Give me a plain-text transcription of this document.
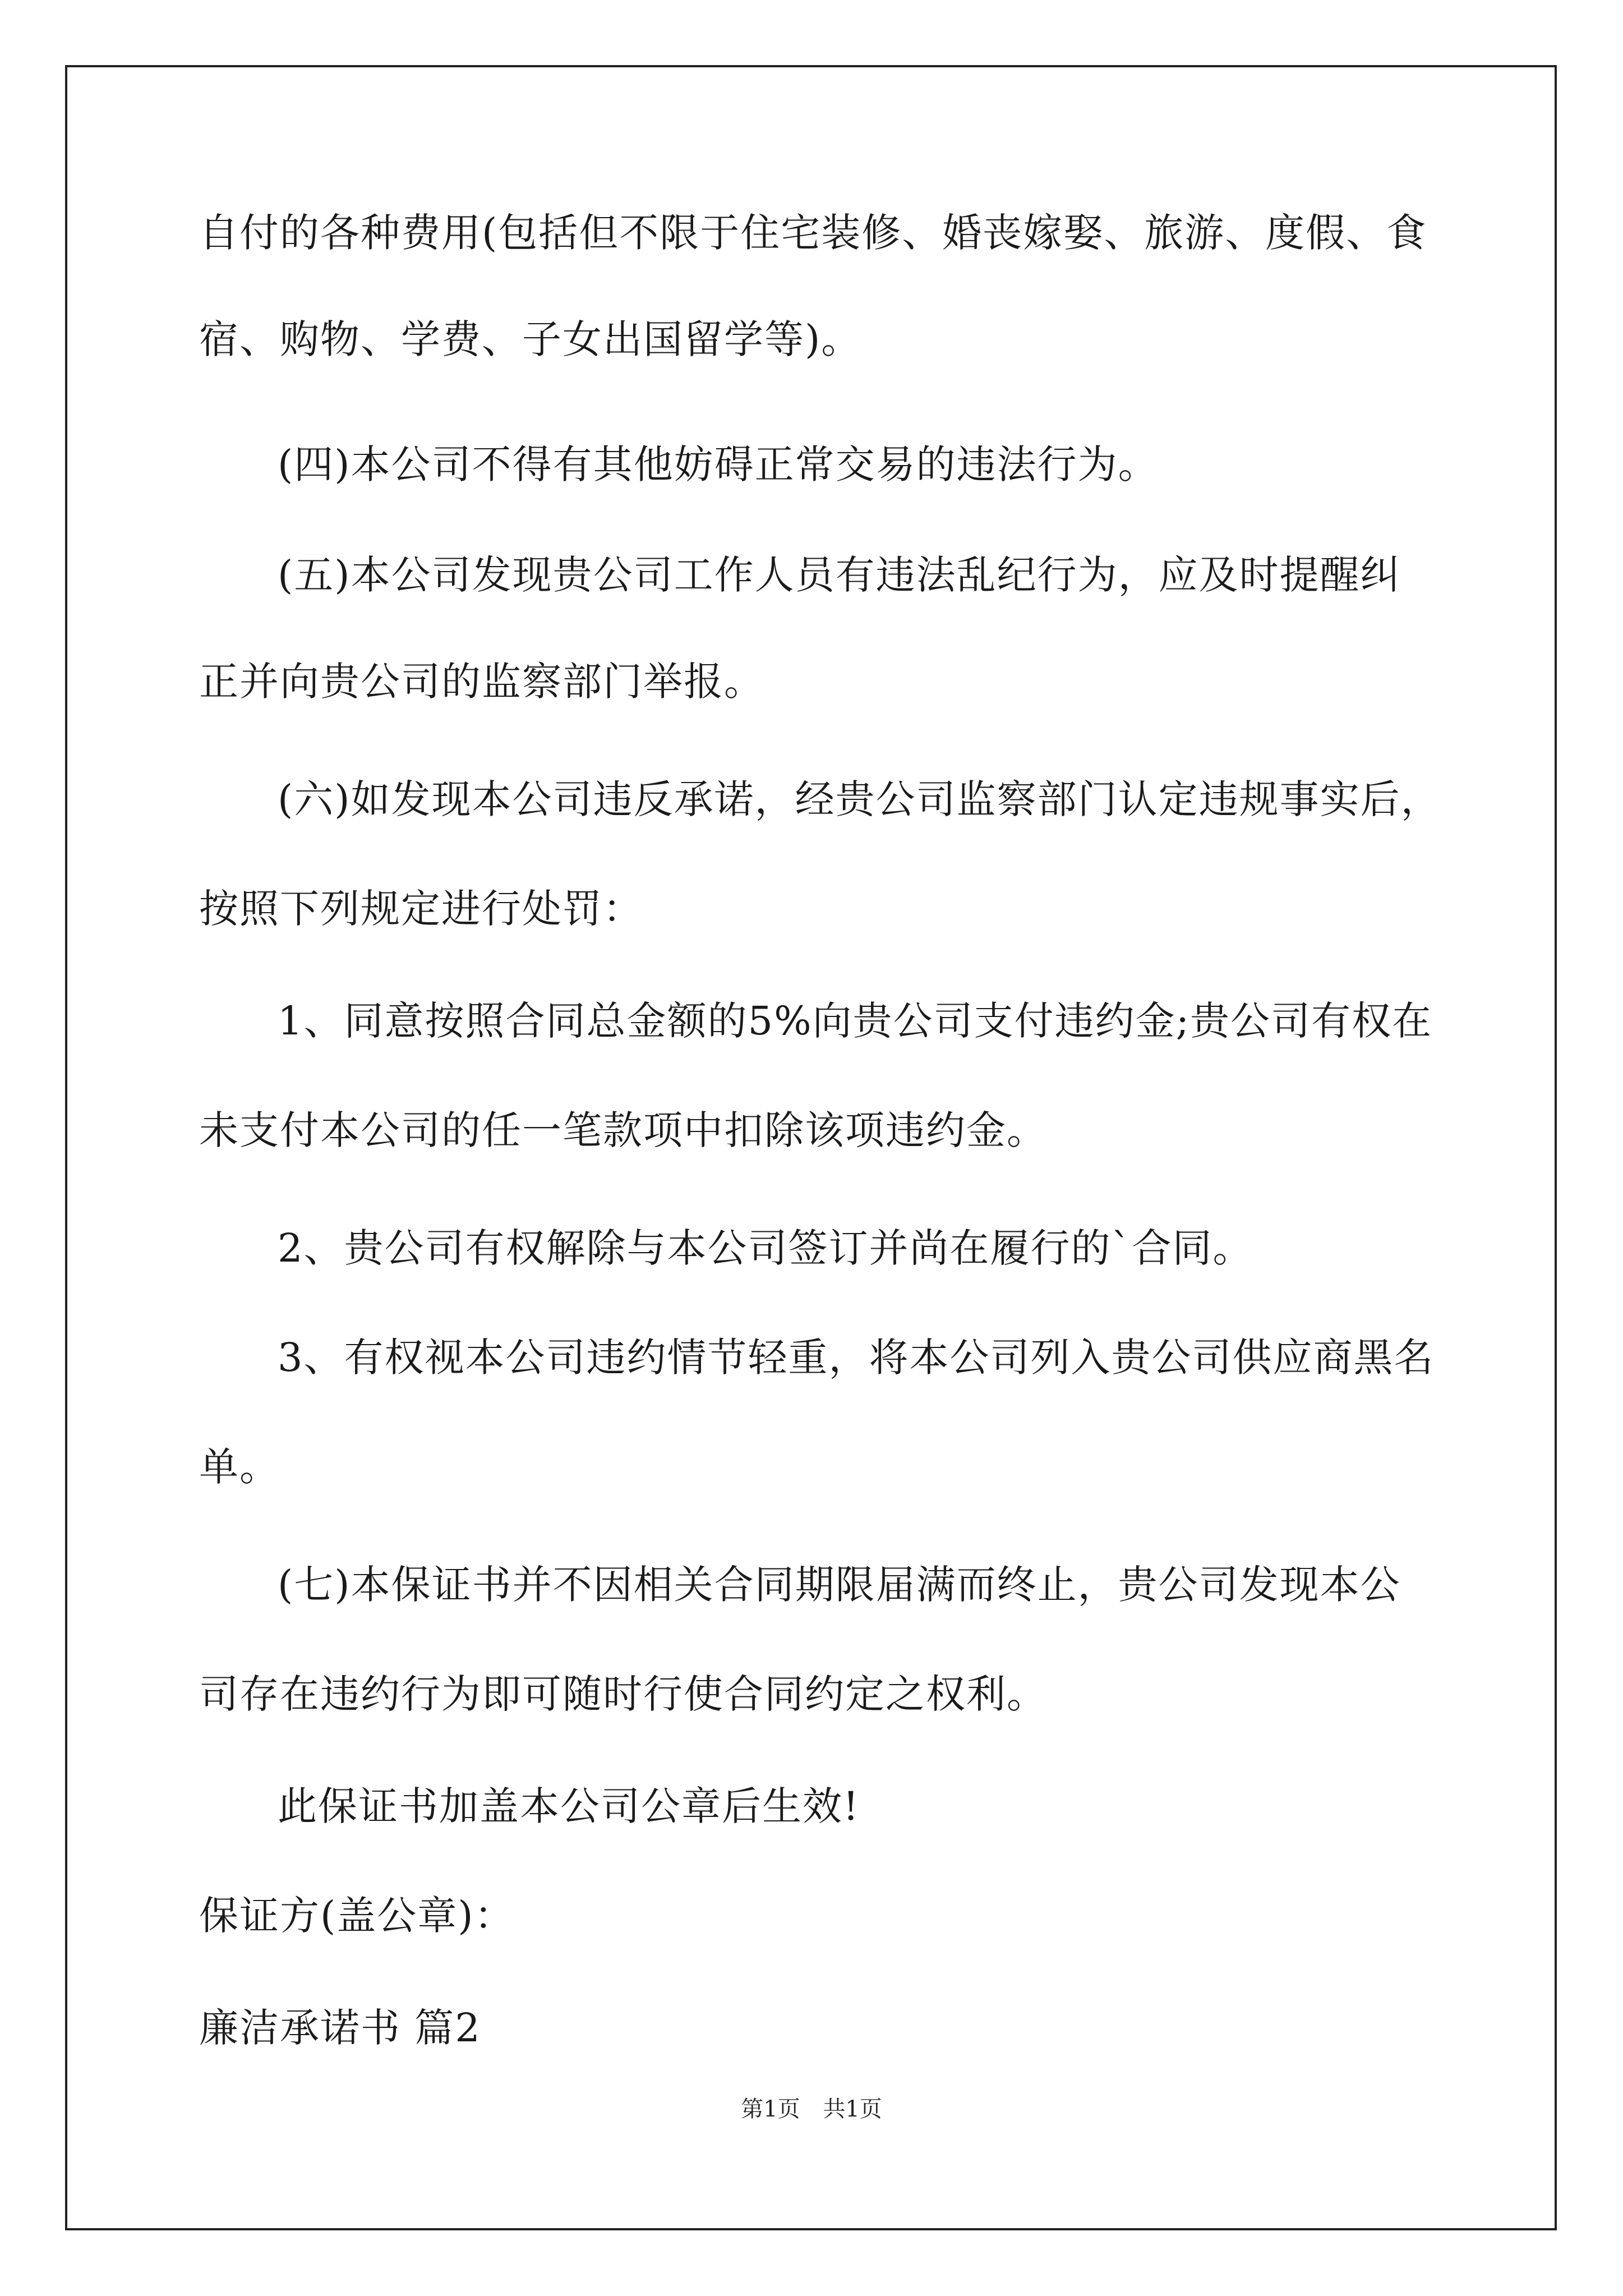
自付的各种费用(包括但不限于住宅装修、婚丧嫁娶、旅游、度假、食
宿、购物、学费、子女出国留学等)。
(四)本公司不得有其他妨碍正常交易的违法行为。
(五)本公司发现贵公司工作人员有违法乱纪行为，应及时提醒纠
正并向贵公司的监察部门举报。
(六)如发现本公司违反承诺，经贵公司监察部门认定违规事实后，
按照下列规定进行处罚：
1、同意按照合同总金额的5%向贵公司支付违约金;贵公司有权在
未支付本公司的任一笔款项中扣除该项违约金。
2、贵公司有权解除与本公司签订并尚在履行的`合同。
3、有权视本公司违约情节轻重，将本公司列入贵公司供应商黑名
单。
(七)本保证书并不因相关合同期限届满而终止，贵公司发现本公
司存在违约行为即可随时行使合同约定之权利。
此保证书加盖本公司公章后生效!
保证方(盖公章)：
廉洁承诺书 篇2
第1页 共1页
